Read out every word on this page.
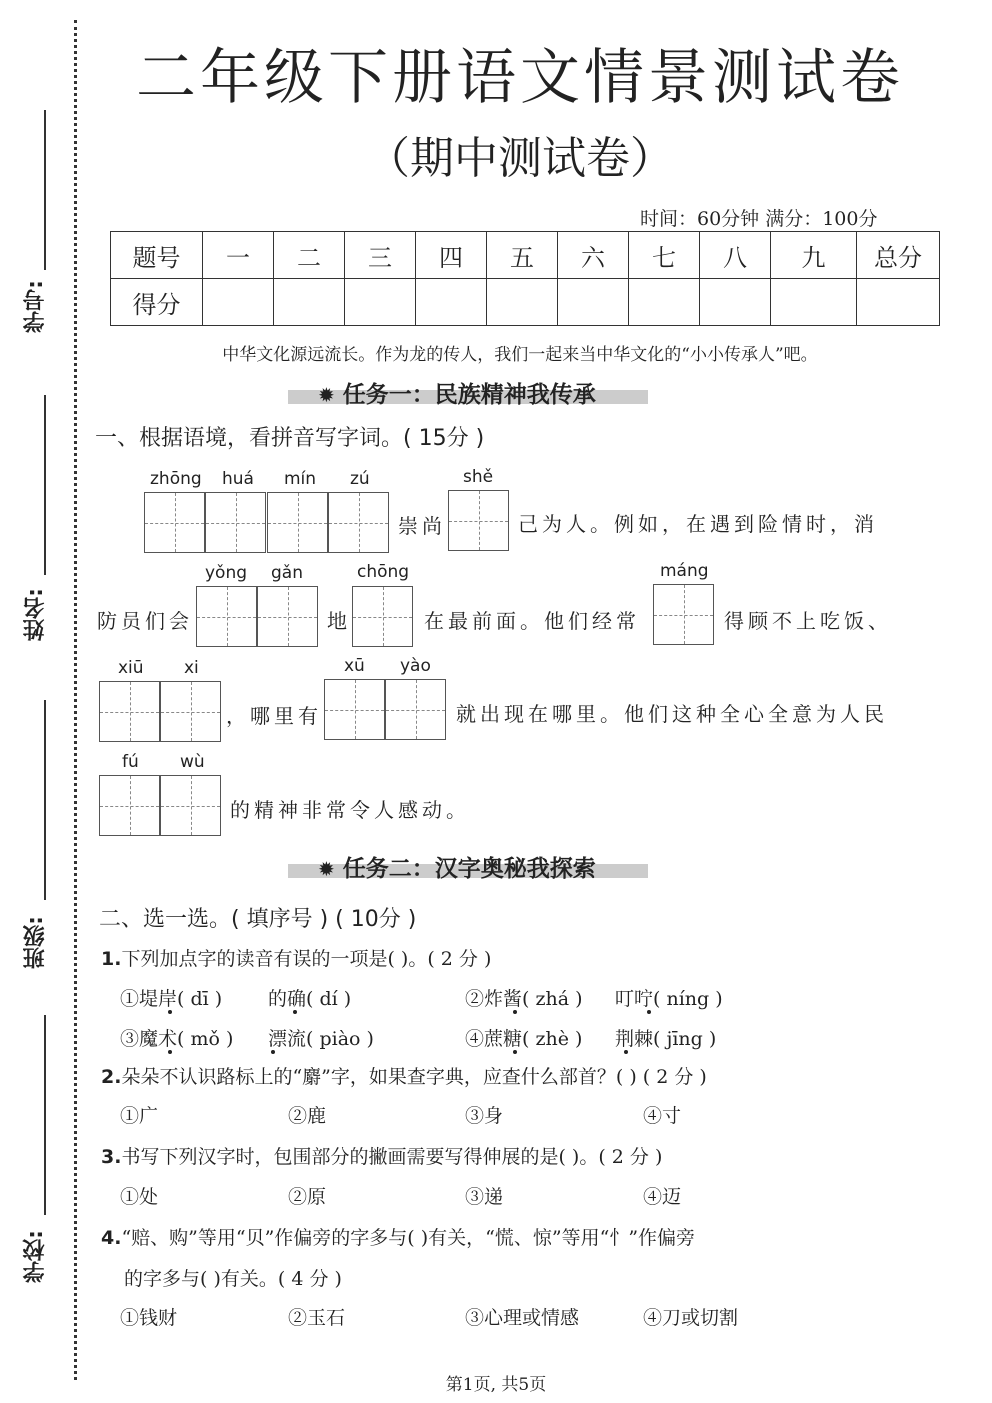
学号:
姓名:
班级:
学校:
二年级下册语文情景测试卷
（期中测试卷）
时间：60分钟 满分：100分
题号	一	二	三	四	五	六	七	八	九	总分
得分										
中华文化源远流长。作为龙的传人，我们一起来当中华文化的“小小传承人”吧。
✹ 任务一：民族精神我传承
一、根据语境，看拼音写字词。( 15分 )
zhōng huá mín zú	shě
崇尚	己为人。例如，在遇到险情时，消
yǒng gǎn	chōng	máng
防员们会	地	在最前面。他们经常	得顾不上吃饭、
xiū xi	xū yào
，哪里有	就出现在哪里。他们这种全心全意为人民
fú wù
的精神非常令人感动。
✹ 任务二：汉字奥秘我探索
二、选一选。( 填序号 ) ( 10分 )
1.下列加点字的读音有误的一项是( )。( 2 分 )
①堤岸( dī ) 的确( dí )	②炸酱( zhá ) 叮咛( níng )
③魔术( mǒ ) 漂流( piào )	④蔗糖( zhè ) 荆棘( jīng )
2.朵朵不认识路标上的“麝”字，如果查字典，应查什么部首？( ) ( 2 分 )
①广	②鹿	③身	④寸
3.书写下列汉字时，包围部分的撇画需要写得伸展的是( )。( 2 分 )
①处	②原	③递	④迈
4.“赔、购”等用“贝”作偏旁的字多与( )有关，“慌、惊”等用“忄”作偏旁
的字多与( )有关。( 4 分 )
①钱财	②玉石	③心理或情感	④刀或切割
第1页, 共5页
